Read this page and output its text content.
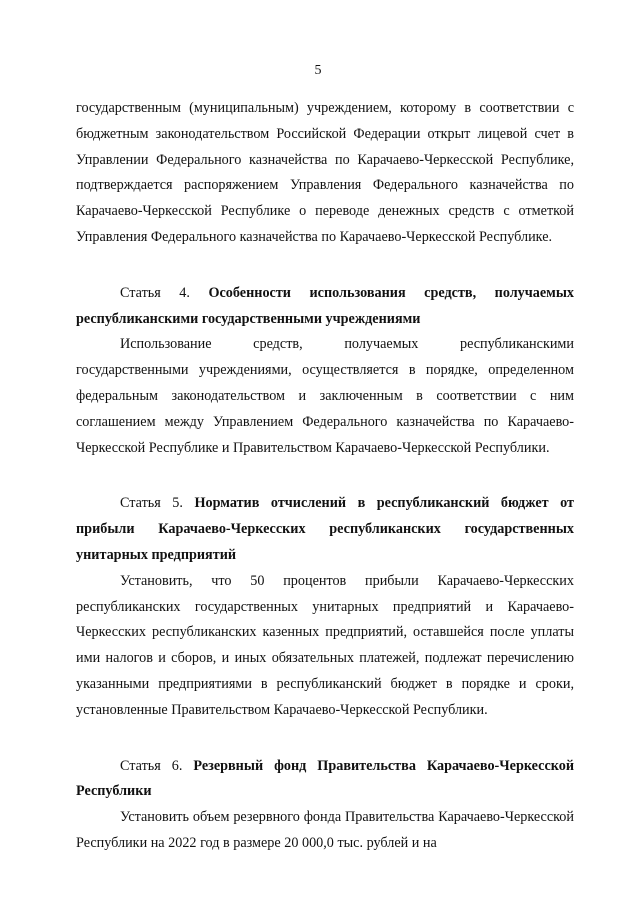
5

государственным (муниципальным) учреждением, которому в соответствии с бюджетным законодательством Российской Федерации открыт лицевой счет в Управлении Федерального казначейства по Карачаево-Черкесской Республике, подтверждается распоряжением Управления Федерального казначейства по Карачаево-Черкесской Республике о переводе денежных средств с отметкой Управления Федерального казначейства по Карачаево-Черкесской Республике.

Статья 4. Особенности использования средств, получаемых республиканскими государственными учреждениями

Использование средств, получаемых республиканскими государственными учреждениями, осуществляется в порядке, определенном федеральным законодательством и заключенным в соответствии с ним соглашением между Управлением Федерального казначейства по Карачаево-Черкесской Республике и Правительством Карачаево-Черкесской Республики.

Статья 5. Норматив отчислений в республиканский бюджет от прибыли Карачаево-Черкесских республиканских государственных унитарных предприятий

Установить, что 50 процентов прибыли Карачаево-Черкесских республиканских государственных унитарных предприятий и Карачаево-Черкесских республиканских казенных предприятий, оставшейся после уплаты ими налогов и сборов, и иных обязательных платежей, подлежат перечислению указанными предприятиями в республиканский бюджет в порядке и сроки, установленные Правительством Карачаево-Черкесской Республики.

Статья 6. Резервный фонд Правительства Карачаево-Черкесской Республики

Установить объем резервного фонда Правительства Карачаево-Черкесской Республики на 2022 год в размере 20 000,0 тыс. рублей и на
